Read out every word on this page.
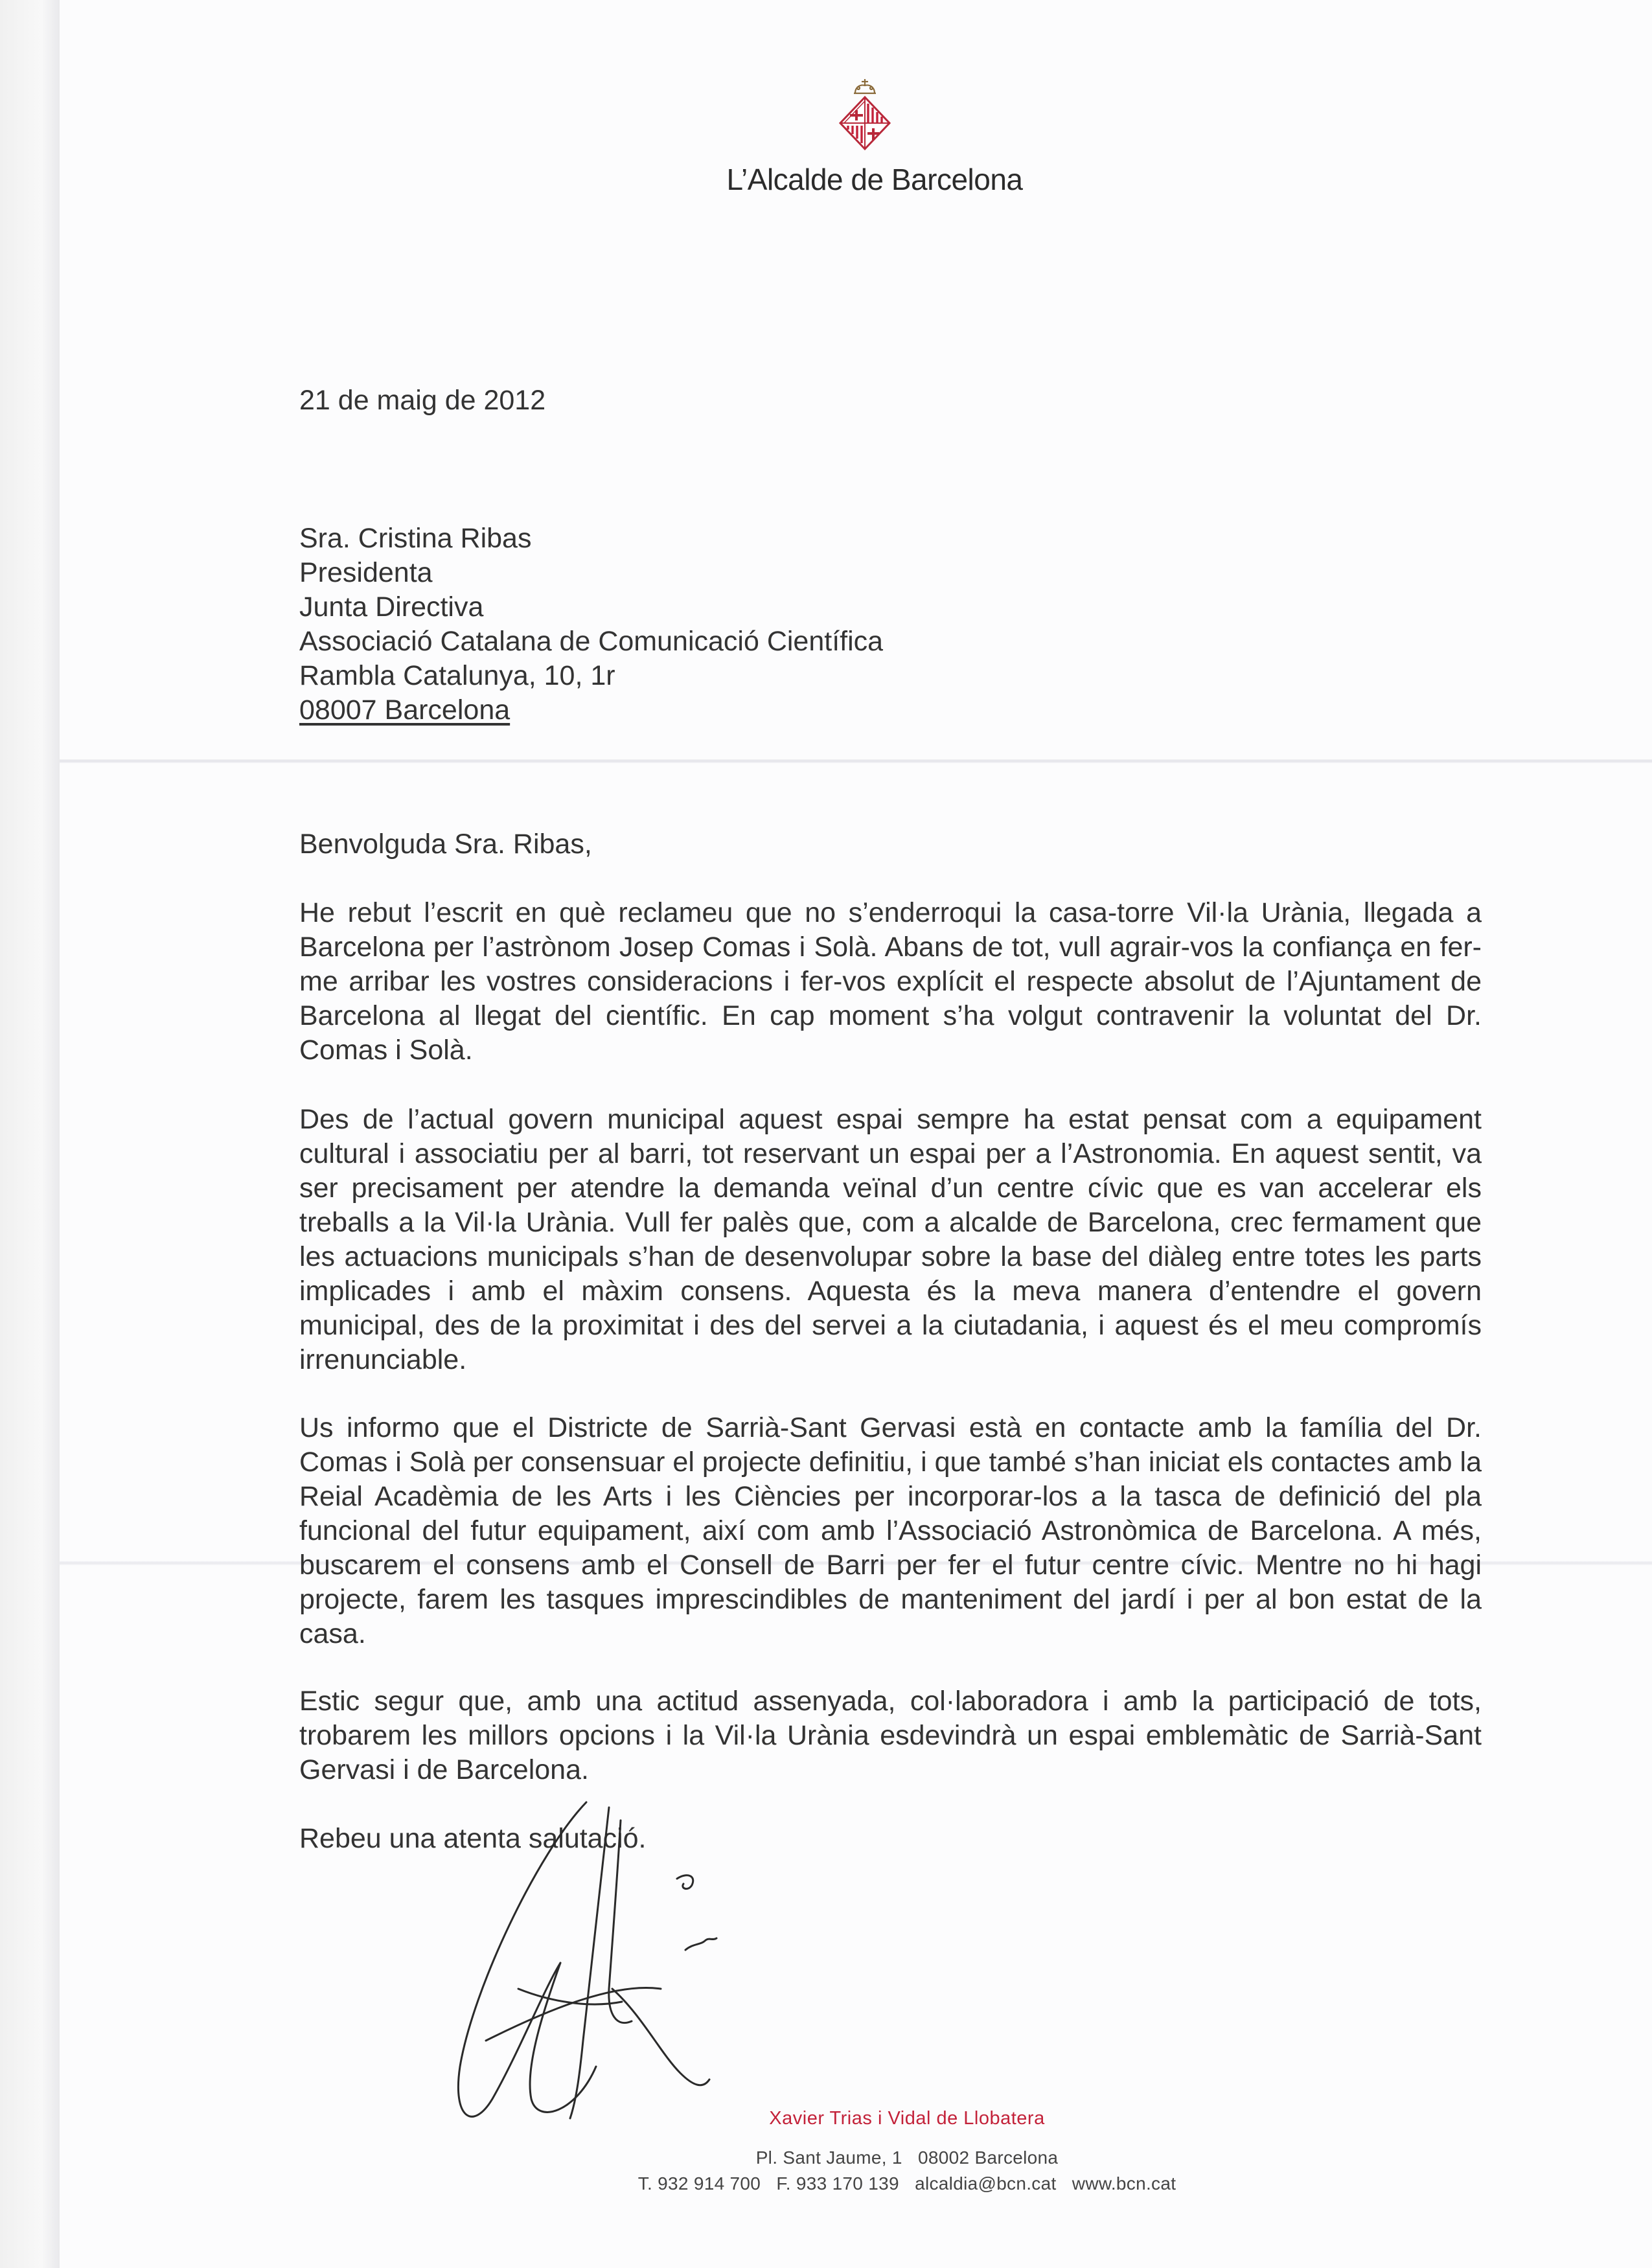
L’Alcalde de Barcelona
21 de maig de 2012
Sra. Cristina Ribas
Presidenta
Junta Directiva
Associació Catalana de Comunicació Científica
Rambla Catalunya, 10, 1r
08007 Barcelona
Benvolguda Sra. Ribas,
He rebut l’escrit en què reclameu que no s’enderroqui la casa-torre Vil·la Urània, llegada a Barcelona per l’astrònom Josep Comas i Solà. Abans de tot, vull agrair-vos la confiança en fer-me arribar les vostres consideracions i fer-vos explícit el respecte absolut de l’Ajuntament de Barcelona al llegat del científic. En cap moment s’ha volgut contravenir la voluntat del Dr. Comas i Solà.
Des de l’actual govern municipal aquest espai sempre ha estat pensat com a equipament cultural i associatiu per al barri, tot reservant un espai per a l’Astronomia. En aquest sentit, va ser precisament per atendre la demanda veïnal d’un centre cívic que es van accelerar els treballs a la Vil·la Urània. Vull fer palès que, com a alcalde de Barcelona, crec fermament que les actuacions municipals s’han de desenvolupar sobre la base del diàleg entre totes les parts implicades i amb el màxim consens. Aquesta és la meva manera d’entendre el govern municipal, des de la proximitat i des del servei a la ciutadania, i aquest és el meu compromís irrenunciable.
Us informo que el Districte de Sarrià-Sant Gervasi està en contacte amb la família del Dr. Comas i Solà per consensuar el projecte definitiu, i que també s’han iniciat els contactes amb la Reial Acadèmia de les Arts i les Ciències per incorporar-los a la tasca de definició del pla funcional del futur equipament, així com amb l’Associació Astronòmica de Barcelona. A més, buscarem el consens amb el Consell de Barri per fer el futur centre cívic. Mentre no hi hagi projecte, farem les tasques imprescindibles de manteniment del jardí i per al bon estat de la casa.
Estic segur que, amb una actitud assenyada, col·laboradora i amb la participació de tots, trobarem les millors opcions i la Vil·la Urània esdevindrà un espai emblemàtic de Sarrià-Sant Gervasi i de Barcelona.
Rebeu una atenta salutació.
Xavier Trias i Vidal de Llobatera
Pl. Sant Jaume, 1   08002 Barcelona
T. 932 914 700   F. 933 170 139   alcaldia@bcn.cat   www.bcn.cat
